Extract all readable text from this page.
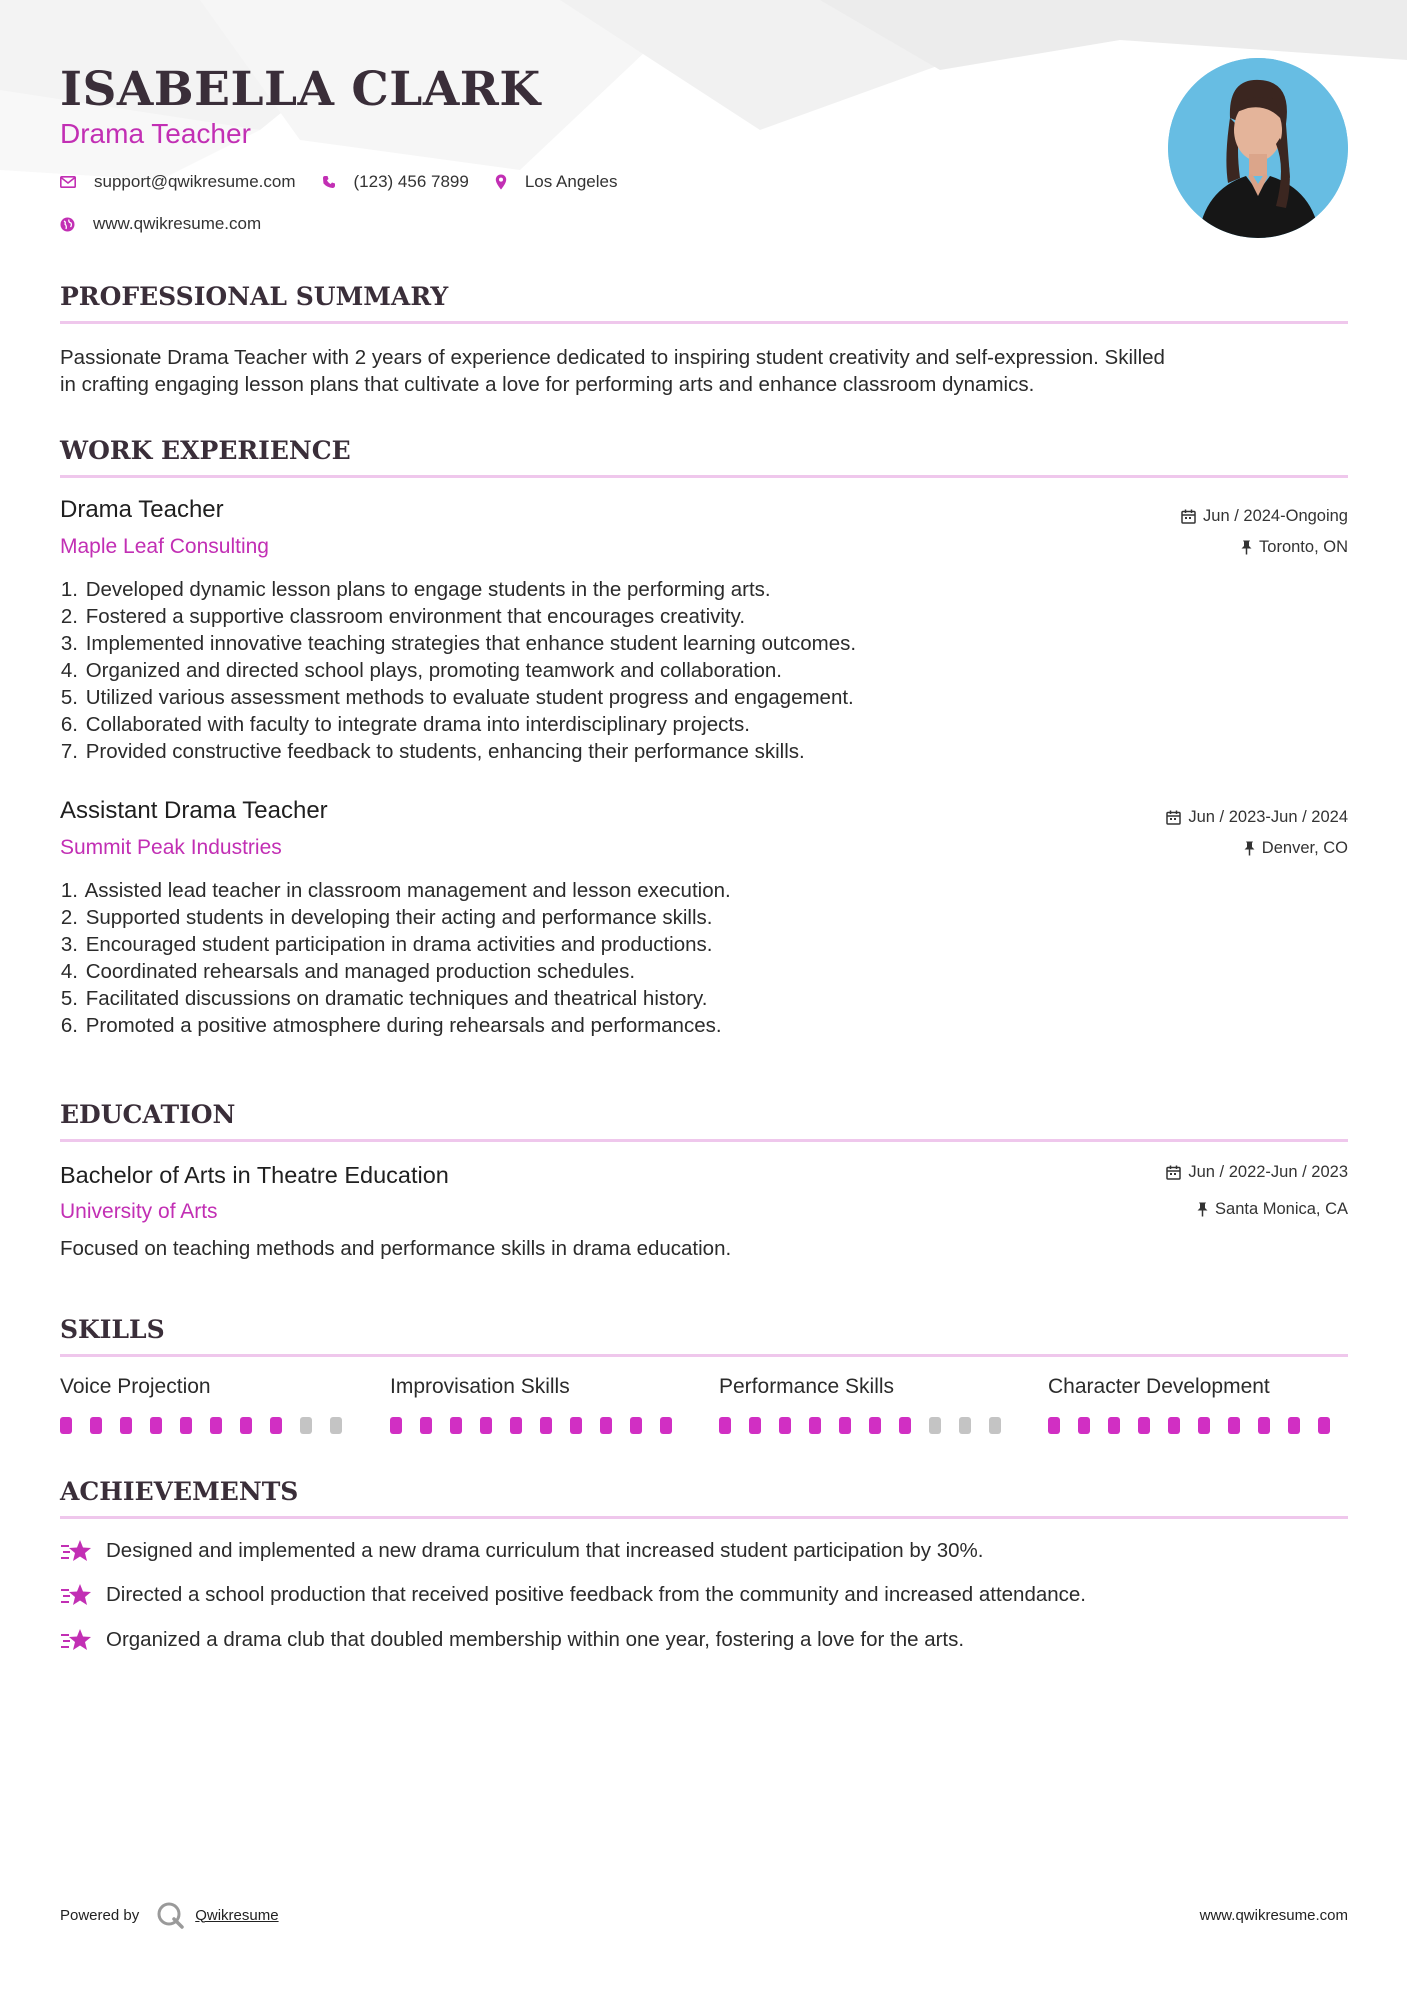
ISABELLA CLARK
Drama Teacher
support@qwikresume.com	(123) 456 7899	Los Angeles
www.qwikresume.com
PROFESSIONAL SUMMARY

Passionate Drama Teacher with 2 years of experience dedicated to inspiring student creativity and self-expression. Skilled
in crafting engaging lesson plans that cultivate a love for performing arts and enhance classroom dynamics.

WORK EXPERIENCE
Drama Teacher
Maple Leaf Consulting
Jun / 2024-Ongoing
Toronto, ON
1. Developed dynamic lesson plans to engage students in the performing arts.
2. Fostered a supportive classroom environment that encourages creativity.
3. Implemented innovative teaching strategies that enhance student learning outcomes.
4. Organized and directed school plays, promoting teamwork and collaboration.
5. Utilized various assessment methods to evaluate student progress and engagement.
6. Collaborated with faculty to integrate drama into interdisciplinary projects.
7. Provided constructive feedback to students, enhancing their performance skills.
Assistant Drama Teacher
Summit Peak Industries
Jun / 2023-Jun / 2024
Denver, CO
1. Assisted lead teacher in classroom management and lesson execution.
2. Supported students in developing their acting and performance skills.
3. Encouraged student participation in drama activities and productions.
4. Coordinated rehearsals and managed production schedules.
5. Facilitated discussions on dramatic techniques and theatrical history.
6. Promoted a positive atmosphere during rehearsals and performances.
EDUCATION
Bachelor of Arts in Theatre Education
University of Arts
Jun / 2022-Jun / 2023
Santa Monica, CA

Focused on teaching methods and performance skills in drama education.

SKILLS
Voice Projection	Improvisation Skills	Performance Skills	Character Development
ACHIEVEMENTS
Designed and implemented a new drama curriculum that increased student participation by 30%.
Directed a school production that received positive feedback from the community and increased attendance.
Organized a drama club that doubled membership within one year, fostering a love for the arts.
Powered by	Qwikresume	www.qwikresume.com
